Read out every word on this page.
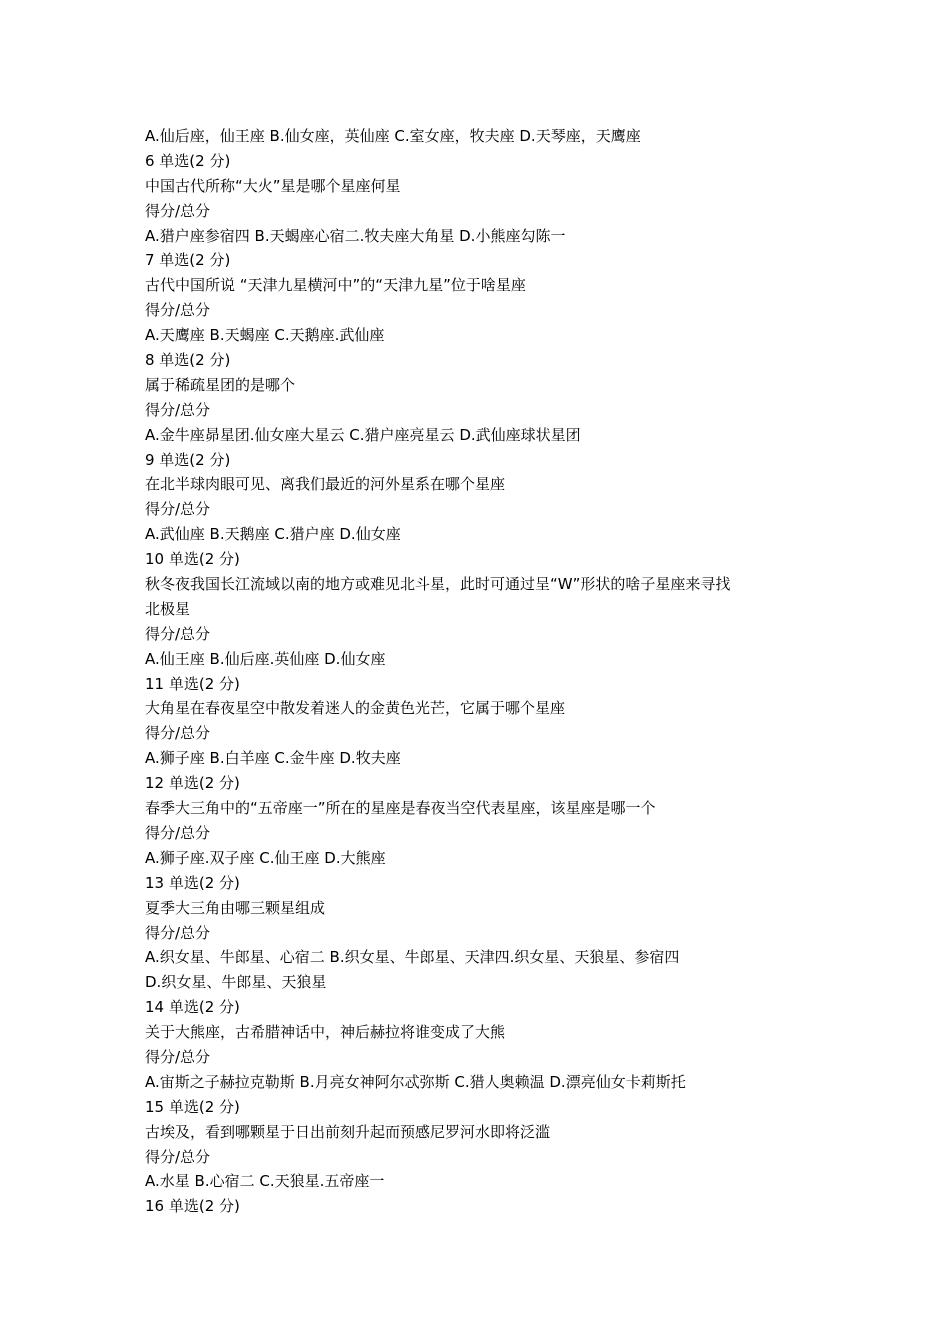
A.仙后座，仙王座 B.仙女座，英仙座 C.室女座，牧夫座 D.天琴座，天鹰座
6 单选(2 分)
中国古代所称“大火”星是哪个星座何星
得分/总分
A.猎户座参宿四 B.天蝎座心宿二.牧夫座大角星 D.小熊座勾陈一
7 单选(2 分)
古代中国所说 “天津九星横河中”的“天津九星”位于啥星座
得分/总分
A.天鹰座 B.天蝎座 C.天鹅座.武仙座
8 单选(2 分)
属于稀疏星团的是哪个
得分/总分
A.金牛座昴星团.仙女座大星云 C.猎户座亮星云 D.武仙座球状星团
9 单选(2 分)
在北半球肉眼可见、离我们最近的河外星系在哪个星座
得分/总分
A.武仙座 B.天鹅座 C.猎户座 D.仙女座
10 单选(2 分)
秋冬夜我国长江流域以南的地方或难见北斗星，此时可通过呈“W”形状的啥子星座来寻找
北极星
得分/总分
A.仙王座 B.仙后座.英仙座 D.仙女座
11 单选(2 分)
大角星在春夜星空中散发着迷人的金黄色光芒，它属于哪个星座
得分/总分
A.狮子座 B.白羊座 C.金牛座 D.牧夫座
12 单选(2 分)
春季大三角中的“五帝座一”所在的星座是春夜当空代表星座，该星座是哪一个
得分/总分
A.狮子座.双子座 C.仙王座 D.大熊座
13 单选(2 分)
夏季大三角由哪三颗星组成
得分/总分
A.织女星、牛郎星、心宿二 B.织女星、牛郎星、天津四.织女星、天狼星、参宿四
D.织女星、牛郎星、天狼星
14 单选(2 分)
关于大熊座，古希腊神话中，神后赫拉将谁变成了大熊
得分/总分
A.宙斯之子赫拉克勒斯 B.月亮女神阿尔忒弥斯 C.猎人奥赖温 D.漂亮仙女卡莉斯托
15 单选(2 分)
古埃及，看到哪颗星于日出前刻升起而预感尼罗河水即将泛滥
得分/总分
A.水星 B.心宿二 C.天狼星.五帝座一
16 单选(2 分)
